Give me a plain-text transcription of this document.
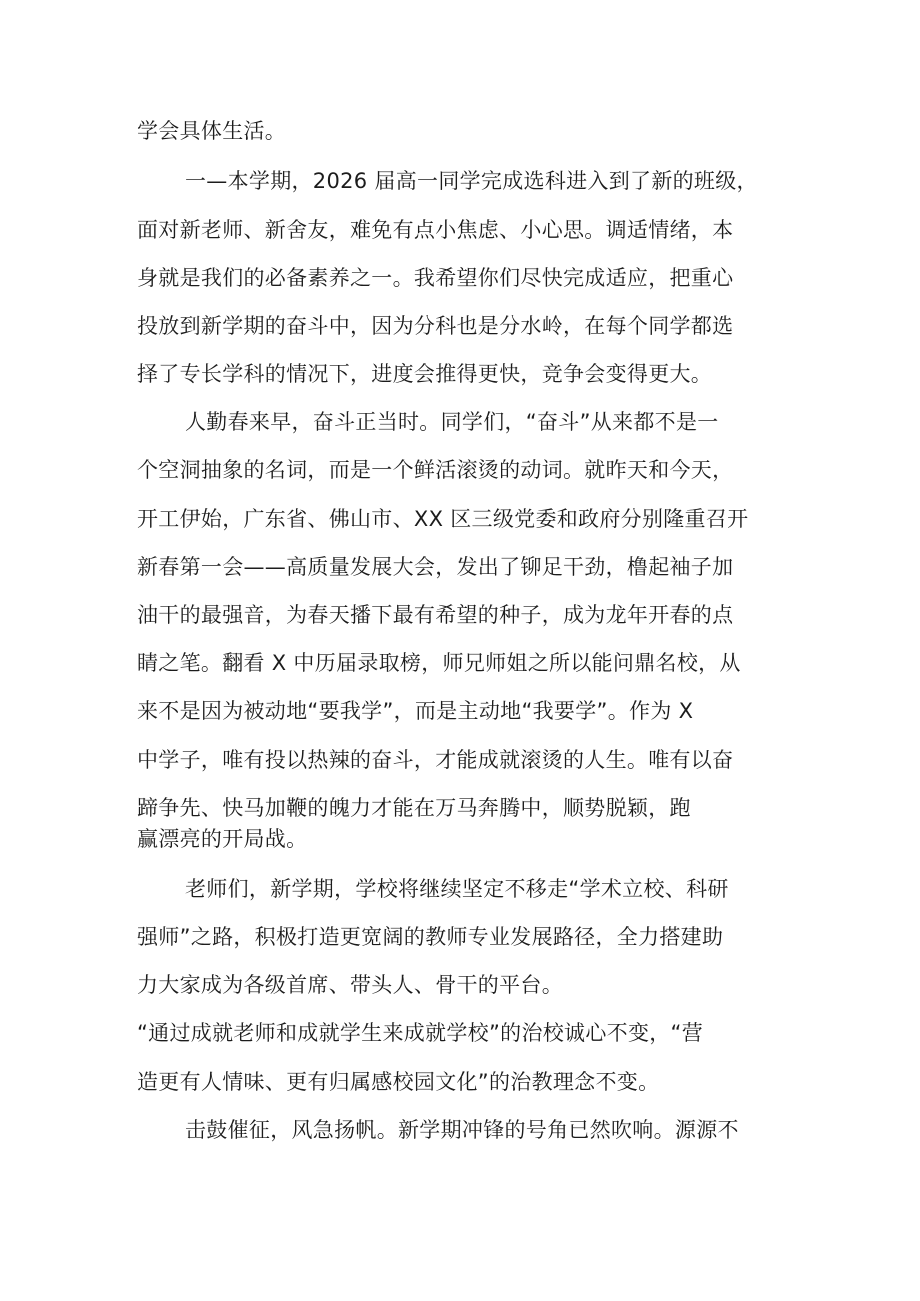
学会具体生活。
一—本学期，2026 届高一同学完成选科进入到了新的班级，
面对新老师、新舍友，难免有点小焦虑、小心思。调适情绪，本
身就是我们的必备素养之一。我希望你们尽快完成适应，把重心
投放到新学期的奋斗中，因为分科也是分水岭，在每个同学都选
择了专长学科的情况下，进度会推得更快，竞争会变得更大。
人勤春来早，奋斗正当时。同学们，“奋斗”从来都不是一
个空洞抽象的名词，而是一个鲜活滚烫的动词。就昨天和今天，
开工伊始，广东省、佛山市、XX 区三级党委和政府分别隆重召开
新春第一会——高质量发展大会，发出了铆足干劲，橹起袖子加
油干的最强音，为春天播下最有希望的种子，成为龙年开春的点
睛之笔。翻看 X 中历届录取榜，师兄师姐之所以能问鼎名校，从
来不是因为被动地“要我学”，而是主动地“我要学”。作为 X
中学子，唯有投以热辣的奋斗，才能成就滚烫的人生。唯有以奋
蹄争先、快马加鞭的魄力才能在万马奔腾中，顺势脱颖，跑
赢漂亮的开局战。
老师们，新学期，学校将继续坚定不移走“学术立校、科研
强师”之路，积极打造更宽阔的教师专业发展路径，全力搭建助
力大家成为各级首席、带头人、骨干的平台。
“通过成就老师和成就学生来成就学校”的治校诚心不变，“营
造更有人情味、更有归属感校园文化”的治教理念不变。
击鼓催征，风急扬帆。新学期冲锋的号角已然吹响。源源不
